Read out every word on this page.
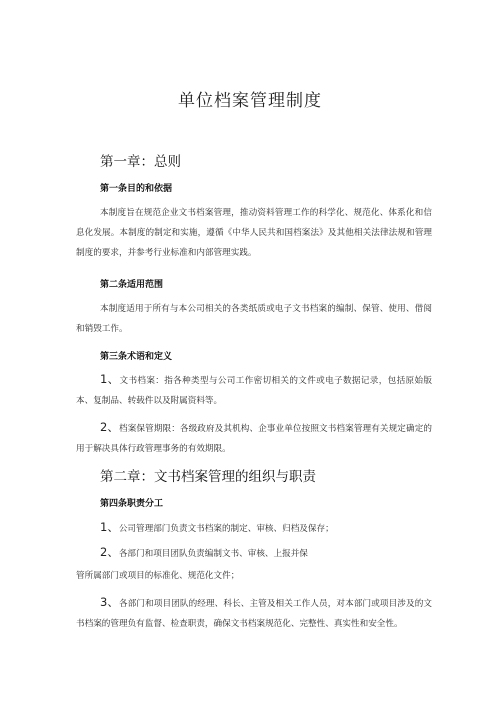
单位档案管理制度
第一章：总则
第一条目的和依据
本制度旨在规范企业文书档案管理，推动资料管理工作的科学化、规范化、体系化和信息化发展。本制度的制定和实施，遵循《中华人民共和国档案法》及其他相关法律法规和管理制度的要求，并参考行业标准和内部管理实践。
第二条适用范围
本制度适用于所有与本公司相关的各类纸质或电子文书档案的编制、保管、使用、借阅和销毁工作。
第三条术语和定义
1、文书档案：指各种类型与公司工作密切相关的文件或电子数据记录，包括原始版本、复制品、转载件以及附属资料等。
2、档案保管期限：各级政府及其机构、企事业单位按照文书档案管理有关规定确定的用于解决具体行政管理事务的有效期限。
第二章：文书档案管理的组织与职责
第四条职责分工
1、公司管理部门负责文书档案的制定、审核、归档及保存；
2、各部门和项目团队负责编制文书、审核、上报并保
管所属部门或项目的标准化、规范化文件；
3、各部门和项目团队的经理、科长、主管及相关工作人员，对本部门或项目涉及的文书档案的管理负有监督、检查职责，确保文书档案规范化、完整性、真实性和安全性。
